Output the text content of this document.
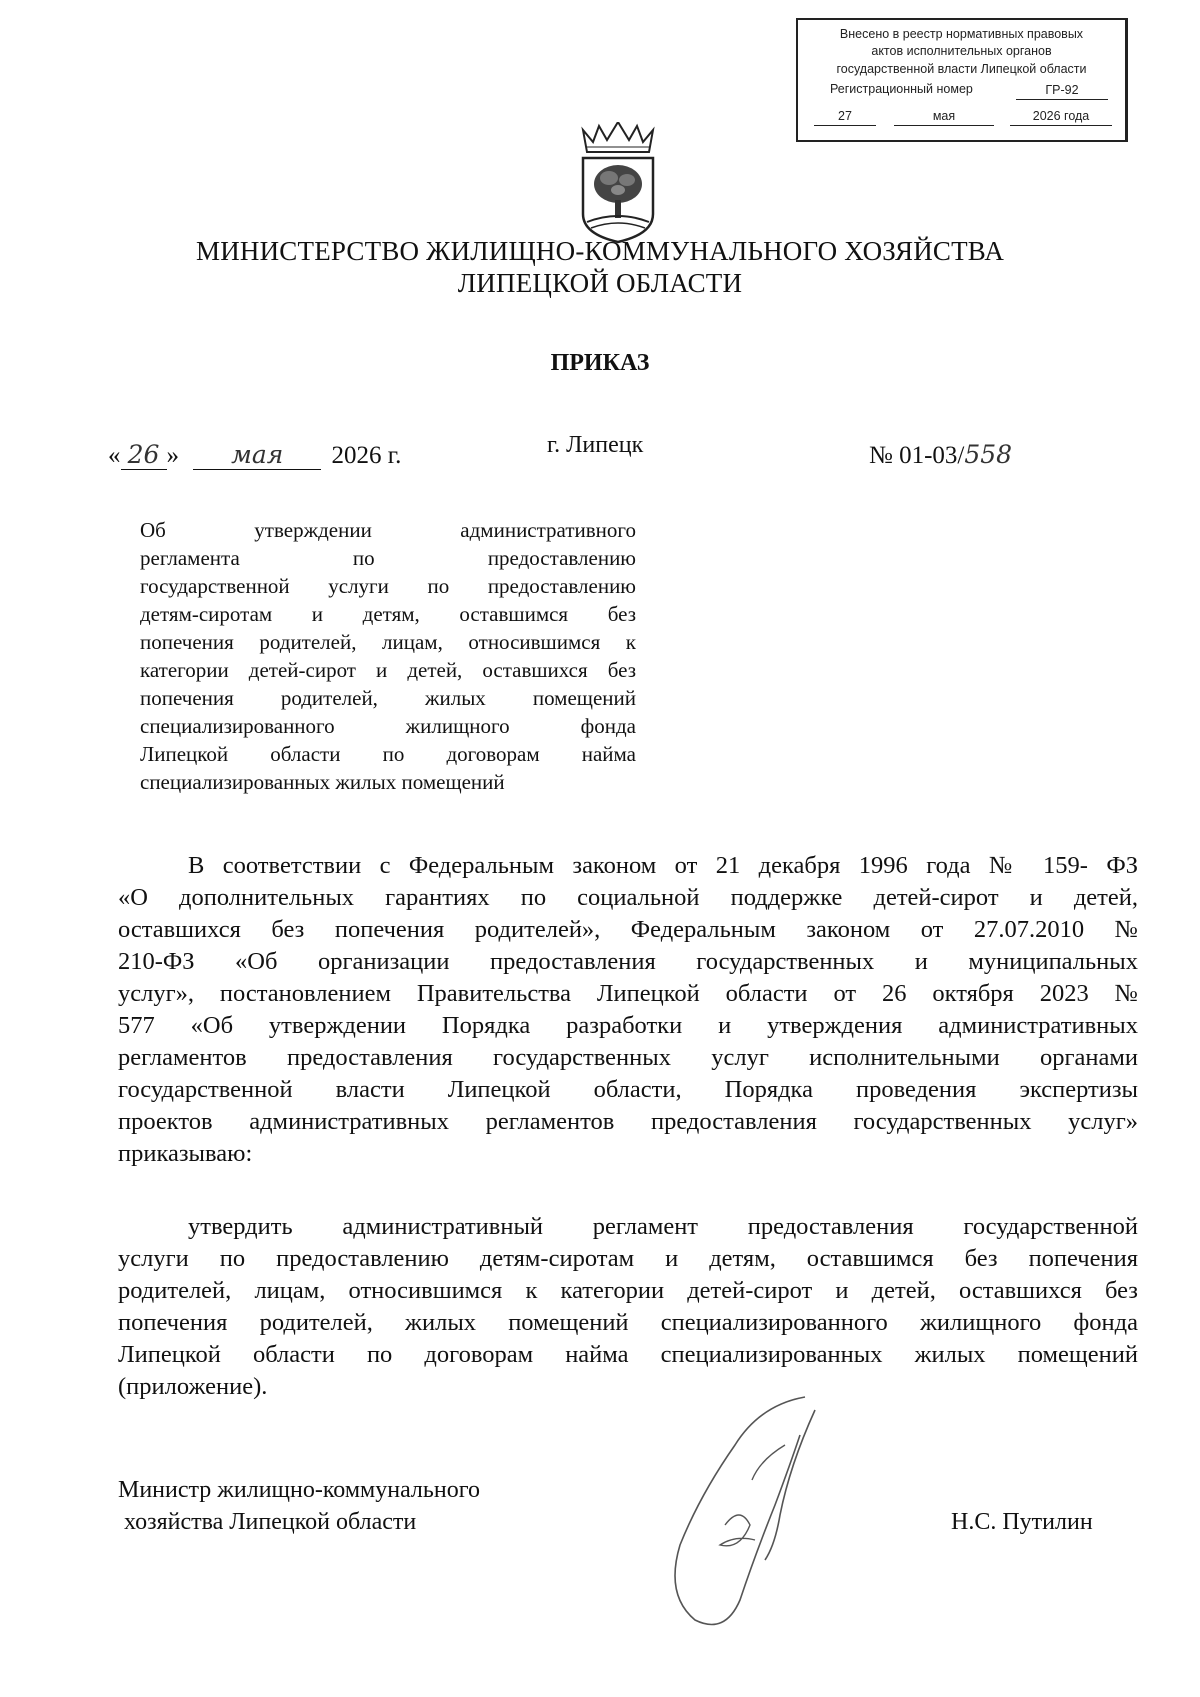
Внесено в реестр нормативных правовых
актов исполнительных органов
государственной власти Липецкой области
Регистрационный номер	ГР-92
27	мая	2026 года
МИНИСТЕРСТВО ЖИЛИЩНО-КОММУНАЛЬНОГО ХОЗЯЙСТВА
ЛИПЕЦКОЙ ОБЛАСТИ
ПРИКАЗ
« 26 » мая 2026 г.	г. Липецк	№ 01-03/558
Об утверждении административного
регламента по предоставлению
государственной услуги по предоставлению
детям-сиротам и детям, оставшимся без
попечения родителей, лицам, относившимся к
категории детей-сирот и детей, оставшихся без
попечения родителей, жилых помещений
специализированного жилищного фонда
Липецкой области по договорам найма
специализированных жилых помещений
В соответствии с Федеральным законом от 21 декабря 1996 года № 159- ФЗ
«О дополнительных гарантиях по социальной поддержке детей-сирот и детей,
оставшихся без попечения родителей», Федеральным законом от 27.07.2010 №
210-ФЗ «Об организации предоставления государственных и муниципальных
услуг», постановлением Правительства Липецкой области от 26 октября 2023 №
577 «Об утверждении Порядка разработки и утверждения административных
регламентов предоставления государственных услуг исполнительными органами
государственной власти Липецкой области, Порядка проведения экспертизы
проектов административных регламентов предоставления государственных услуг»
приказываю:
утвердить административный регламент предоставления государственной
услуги по предоставлению детям-сиротам и детям, оставшимся без попечения
родителей, лицам, относившимся к категории детей-сирот и детей, оставшихся без
попечения родителей, жилых помещений специализированного жилищного фонда
Липецкой области по договорам найма специализированных жилых помещений
(приложение).
Министр жилищно-коммунального
хозяйства Липецкой области	Н.С. Путилин
